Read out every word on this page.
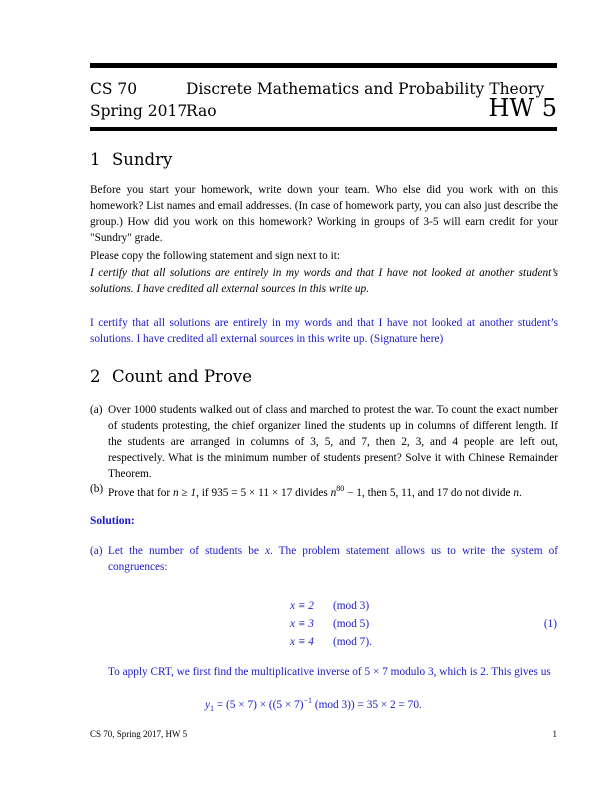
CS 70	Discrete Mathematics and Probability Theory
Spring 2017
Rao	HW 5
1 Sundry

Before you start your homework, write down your team. Who else did you work with on this homework? List names and email addresses. (In case of homework party, you can also just describe the group.) How did you work on this homework? Working in groups of 3-5 will earn credit for your "Sundry" grade.

Please copy the following statement and sign next to it:

I certify that all solutions are entirely in my words and that I have not looked at another student’s solutions. I have credited all external sources in this write up.

I certify that all solutions are entirely in my words and that I have not looked at another student’s solutions. I have credited all external sources in this write up. (Signature here)

2 Count and Prove
(a) Over 1000 students walked out of class and marched to protest the war. To count the exact number of students protesting, the chief organizer lined the students up in columns of different length. If the students are arranged in columns of 3, 5, and 7, then 2, 3, and 4 people are left out, respectively. What is the minimum number of students present? Solve it with Chinese Remainder Theorem.
(b) Prove that for n ≥ 1, if 935 = 5 × 11 × 17 divides $n^{80} - 1$, then 5, 11, and 17 do not divide n.
Solution:
(a) Let the number of students be x. The problem statement allows us to write the system of congruences:
x ≡ 2 (mod 3)
x ≡ 3 (mod 5)
x ≡ 4 (mod 7).
(1)

To apply CRT, we first find the multiplicative inverse of 5 × 7 modulo 3, which is 2. This gives us

$y_1 = (5 \times 7) \times ((5 \times 7)^{-1}$ (mod 3)) = 35 × 2 = 70.
CS 70, Spring 2017, HW 5	1
